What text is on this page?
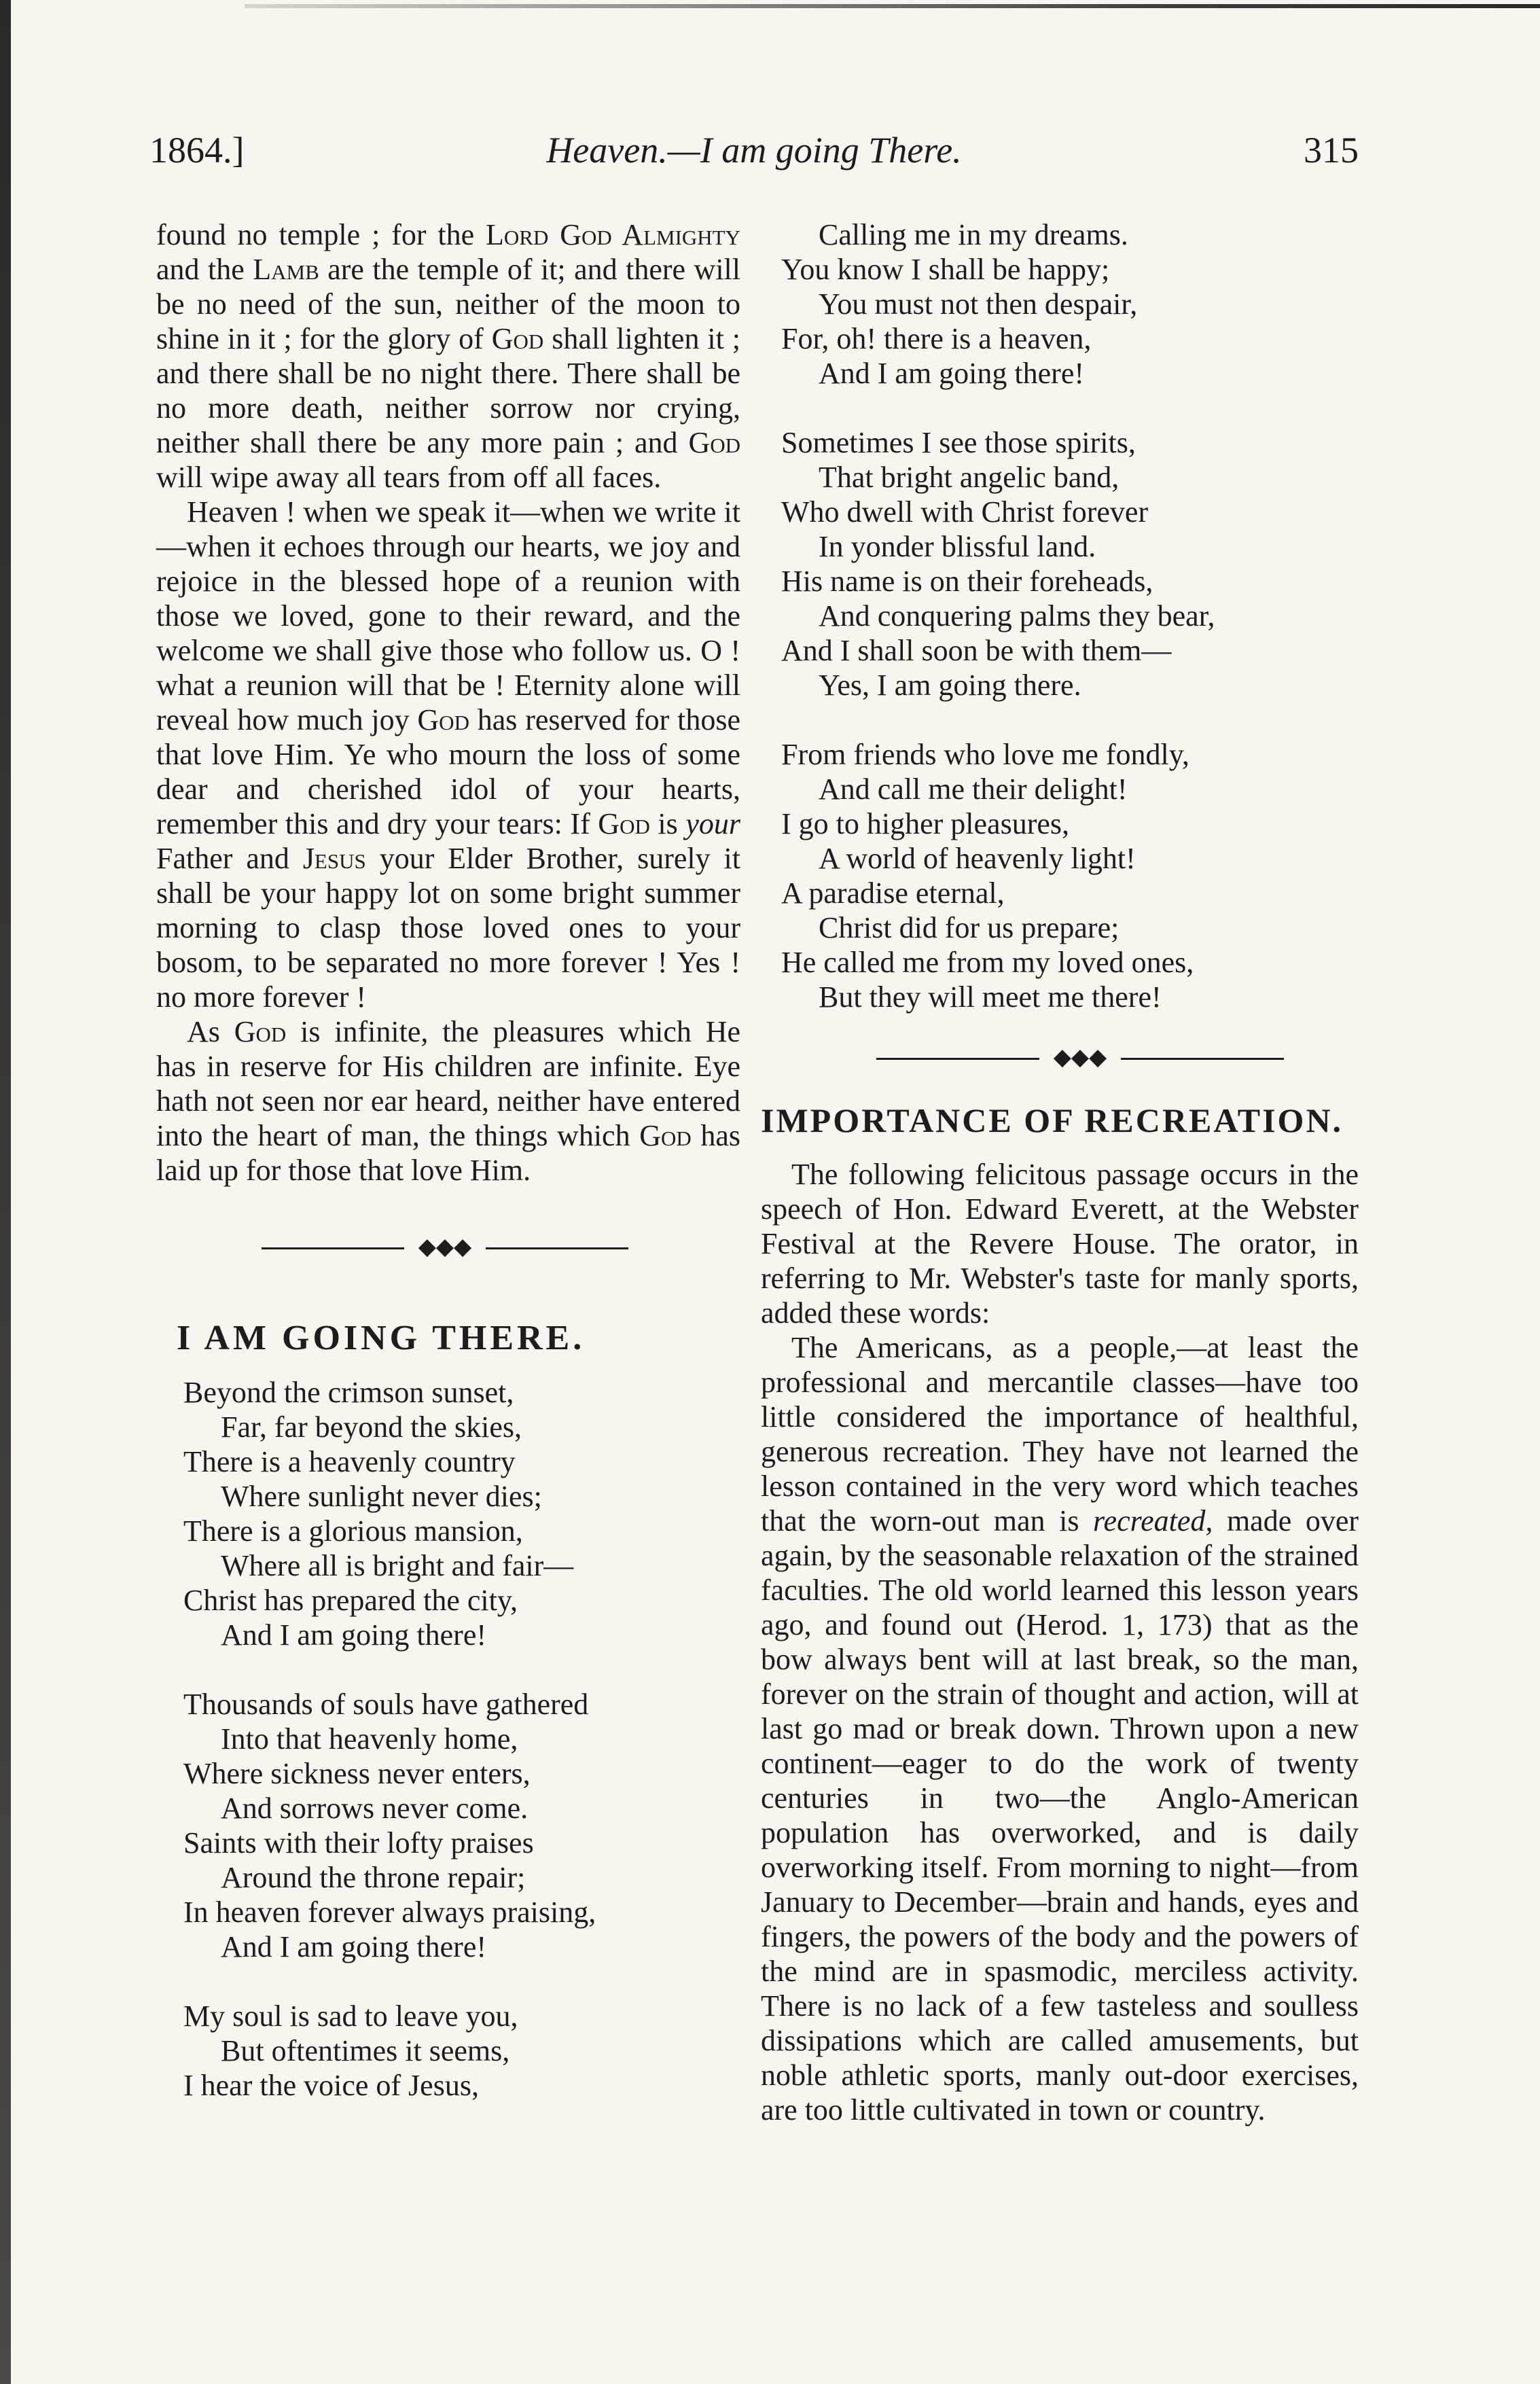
1864.]	Heaven.—I am going There.	315

found no temple ; for the Lord God Almighty and the Lamb are the temple of it; and there will be no need of the sun, neither of the moon to shine in it ; for the glory of God shall lighten it ; and there shall be no night there. There shall be no more death, neither sorrow nor crying, neither shall there be any more pain ; and God will wipe away all tears from off all faces.

Heaven ! when we speak it—when we write it—when it echoes through our hearts, we joy and rejoice in the blessed hope of a reunion with those we loved, gone to their reward, and the welcome we shall give those who follow us. O ! what a reunion will that be ! Eternity alone will reveal how much joy God has reserved for those that love Him. Ye who mourn the loss of some dear and cherished idol of your hearts, remember this and dry your tears: If God is your Father and Jesus your Elder Brother, surely it shall be your happy lot on some bright summer morning to clasp those loved ones to your bosom, to be separated no more forever ! Yes ! no more forever !

As God is infinite, the pleasures which He has in reserve for His children are infinite. Eye hath not seen nor ear heard, neither have entered into the heart of man, the things which God has laid up for those that love Him.

◆◆◆
I AM GOING THERE.
Beyond the crimson sunset,
Far, far beyond the skies,
There is a heavenly country
Where sunlight never dies;
There is a glorious mansion,
Where all is bright and fair—
Christ has prepared the city,
And I am going there!
Thousands of souls have gathered
Into that heavenly home,
Where sickness never enters,
And sorrows never come.
Saints with their lofty praises
Around the throne repair;
In heaven forever always praising,
And I am going there!
My soul is sad to leave you,
But oftentimes it seems,
I hear the voice of Jesus,
Calling me in my dreams.
You know I shall be happy;
You must not then despair,
For, oh! there is a heaven,
And I am going there!
Sometimes I see those spirits,
That bright angelic band,
Who dwell with Christ forever
In yonder blissful land.
His name is on their foreheads,
And conquering palms they bear,
And I shall soon be with them—
Yes, I am going there.
From friends who love me fondly,
And call me their delight!
I go to higher pleasures,
A world of heavenly light!
A paradise eternal,
Christ did for us prepare;
He called me from my loved ones,
But they will meet me there!
◆◆◆
IMPORTANCE OF RECREATION.

The following felicitous passage occurs in the speech of Hon. Edward Everett, at the Webster Festival at the Revere House. The orator, in referring to Mr. Webster's taste for manly sports, added these words:

The Americans, as a people,—at least the professional and mercantile classes—have too little considered the importance of healthful, generous recreation. They have not learned the lesson contained in the very word which teaches that the worn-out man is recreated, made over again, by the seasonable relaxation of the strained faculties. The old world learned this lesson years ago, and found out (Herod. 1, 173) that as the bow always bent will at last break, so the man, forever on the strain of thought and action, will at last go mad or break down. Thrown upon a new continent—eager to do the work of twenty centuries in two—the Anglo-American population has overworked, and is daily overworking itself. From morning to night—from January to December—brain and hands, eyes and fingers, the powers of the body and the powers of the mind are in spasmodic, merciless activity. There is no lack of a few tasteless and soulless dissipations which are called amusements, but noble athletic sports, manly out-door exercises, are too little cultivated in town or country.
